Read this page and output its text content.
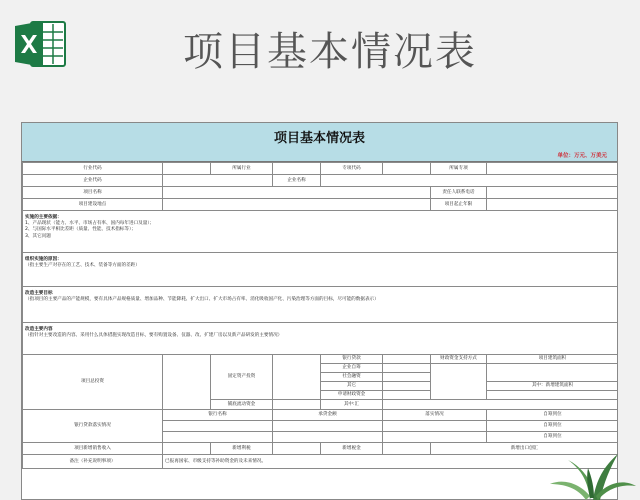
项目基本情况表
项目基本情况表
单位：万元、万美元
行业代码		所属行业		专项代码		所属专项	
企业代码			企业名称				
项目名称						责任人联系电话	
项目建设地点						项目起止年限	
实施的主要依据：
1、产品现状（能力、水平、市场占有率、国内每年进口及量）；
2、与国际水平相比差距（质量、性能、技术指标等）；
3、其它问题							
组织实施的原因：
（指主要生产对存在的工艺、技术、装备等方面的差距）							
改造主要目标
（指项目的主要产品的产能规模，要有具体产品规格质量、增加品种、节能降耗、扩大出口、扩大市场占有率、消化吸收国产化、污染治理等方面的目标，尽可能的数据表示）							
改造主要内容
（指针对主要改造的内容、采用什么具体措施实现改造目标，要有购置设备、仪器、改、扩建厂房以及新产品研发的主要情况）							
项目总投资		固定资产投资		银行贷款		财政资金支持方式	项目建筑面积
				企业自筹			
				社会融资			
				其它			其中：新增建筑面积
				申请财政资金			
		铺底流动资金		其中:汇			
银行贷款落实情况	银行名称		承贷金额		落实情况		自筹到位
							自筹到位
							自筹到位
项目新增销售收入		新增利税		新增税金		新增出口创汇	
备注（补充说明事项）	已报再国家、市级支持等补助资金的及未来情况。						
